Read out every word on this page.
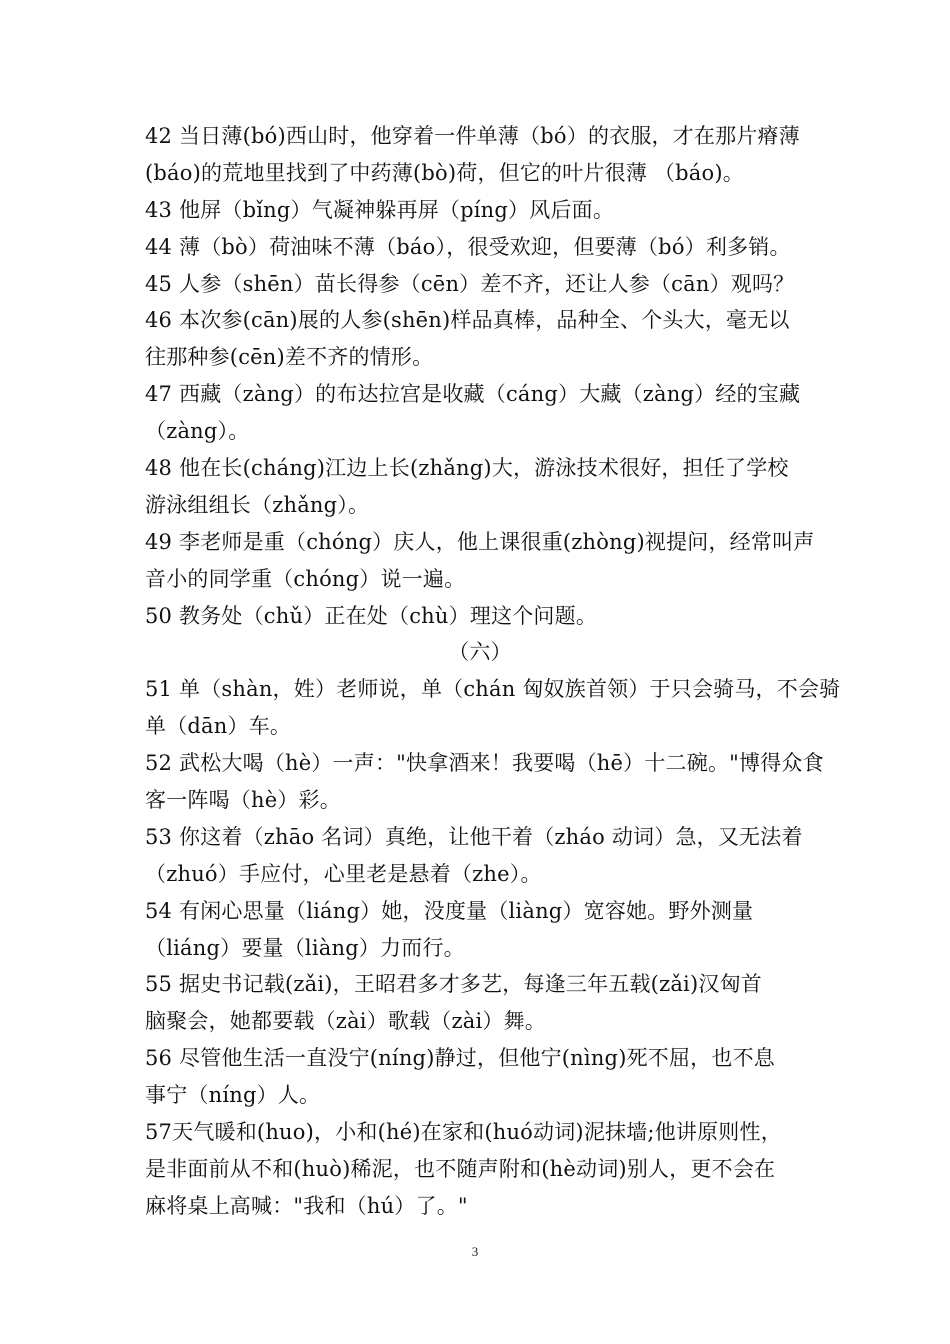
42 当日薄(bó)西山时，他穿着一件单薄（bó）的衣服，才在那片瘠薄
(báo)的荒地里找到了中药薄(bò)荷，但它的叶片很薄 （báo)。
43 他屏（bǐng）气凝神躲再屏（píng）风后面。
44 薄（bò）荷油味不薄（báo），很受欢迎，但要薄（bó）利多销。
45 人参（shēn）苗长得参（cēn）差不齐，还让人参（cān）观吗？
46 本次参(cān)展的人参(shēn)样品真棒，品种全、个头大，毫无以
往那种参(cēn)差不齐的情形。
47 西藏（zàng）的布达拉宫是收藏（cáng）大藏（zàng）经的宝藏
（zàng）。
48 他在长(cháng)江边上长(zhǎng)大，游泳技术很好，担任了学校
游泳组组长（zhǎng）。
49 李老师是重（chóng）庆人，他上课很重(zhòng)视提问，经常叫声
音小的同学重（chóng）说一遍。
50 教务处（chǔ）正在处（chù）理这个问题。
（六）
51 单（shàn，姓）老师说，单（chán 匈奴族首领）于只会骑马，不会骑
单（dān）车。
52 武松大喝（hè）一声："快拿酒来！我要喝（hē）十二碗。"博得众食
客一阵喝（hè）彩。
53 你这着（zhāo 名词）真绝，让他干着（zháo 动词）急，又无法着
（zhuó）手应付，心里老是悬着（zhe）。
54 有闲心思量（liáng）她，没度量（liàng）宽容她。野外测量
（liáng）要量（liàng）力而行。
55 据史书记载(zǎi)，王昭君多才多艺，每逢三年五载(zǎi)汉匈首
脑聚会，她都要载（zài）歌载（zài）舞。
56 尽管他生活一直没宁(níng)静过，但他宁(nìng)死不屈，也不息
事宁（níng）人。
57天气暖和(huo)，小和(hé)在家和(huó动词)泥抹墙;他讲原则性，
是非面前从不和(huò)稀泥，也不随声附和(hè动词)别人，更不会在
麻将桌上高喊："我和（hú）了。"
3
